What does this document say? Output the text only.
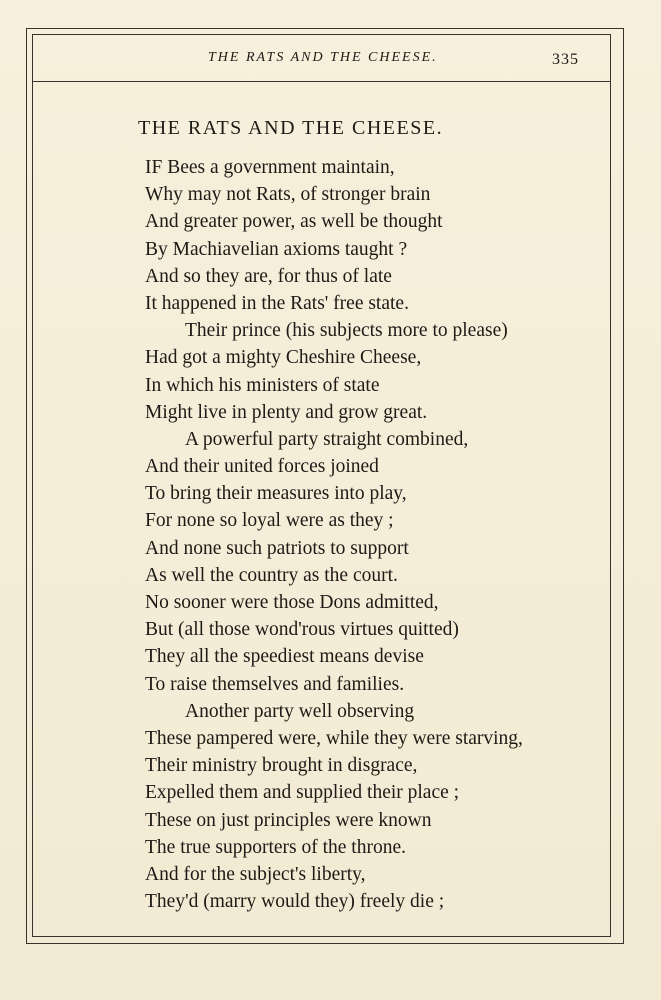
THE RATS AND THE CHEESE.	335
THE RATS AND THE CHEESE.
IF Bees a government maintain,
Why may not Rats, of stronger brain
And greater power, as well be thought
By Machiavelian axioms taught ?
And so they are, for thus of late
It happened in the Rats' free state.
Their prince (his subjects more to please)
Had got a mighty Cheshire Cheese,
In which his ministers of state
Might live in plenty and grow great.
A powerful party straight combined,
And their united forces joined
To bring their measures into play,
For none so loyal were as they ;
And none such patriots to support
As well the country as the court.
No sooner were those Dons admitted,
But (all those wond'rous virtues quitted)
They all the speediest means devise
To raise themselves and families.
Another party well observing
These pampered were, while they were starving,
Their ministry brought in disgrace,
Expelled them and supplied their place ;
These on just principles were known
The true supporters of the throne.
And for the subject's liberty,
They'd (marry would they) freely die ;
